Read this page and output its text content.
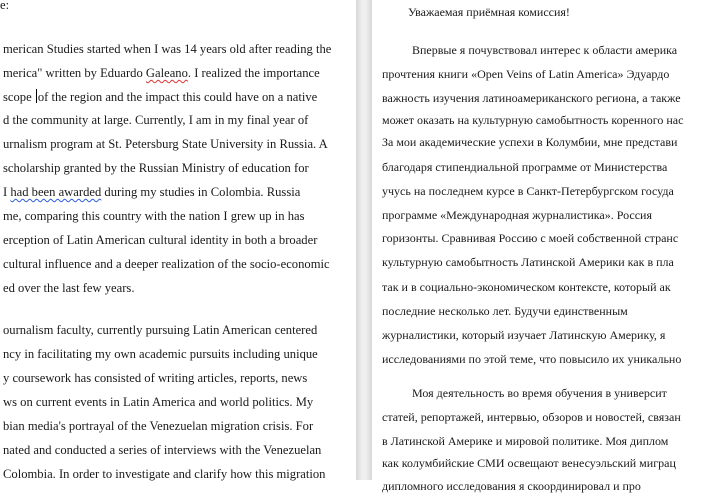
e:
merican Studies started when I was 14 years old after reading the
merica" written by Eduardo Galeano. I realized the importance
scope of the region and the impact this could have on a native
d the community at large. Currently, I am in my final year of
urnalism program at St. Petersburg State University in Russia. A
scholarship granted by the Russian Ministry of education for
I had been awarded during my studies in Colombia. Russia
me, comparing this country with the nation I grew up in has
erception of Latin American cultural identity in both a broader
cultural influence and a deeper realization of the socio-economic
ed over the last few years.
ournalism faculty, currently pursuing Latin American centered
ncy in facilitating my own academic pursuits including unique
y coursework has consisted of writing articles, reports, news
ws on current events in Latin America and world politics. My
bian media's portrayal of the Venezuelan migration crisis. For
nated and conducted a series of interviews with the Venezuelan
Colombia. In order to investigate and clarify how this migration
Уважаемая приёмная комиссия!
Впервые я почувствовал интерес к области америка
прочтения книги «Open Veins of Latin America» Эдуардо
важность изучения латиноамериканского региона, а также
может оказать на культурную самобытность коренного нас
За мои академические успехи в Колумбии, мне представи
благодаря стипендиальной программе от Министерства
учусь на последнем курсе в Санкт-Петербургском госуда
программе «Международная журналистика». Россия
горизонты. Сравнивая Россию с моей собственной странс
культурную самобытность Латинской Америки как в пла
так и в социально-экономическом контексте, который ак
последние несколько лет. Будучи единственным
журналистики, который изучает Латинскую Америку, я
исследованиями по этой теме, что повысило их уникально
Моя деятельность во время обучения в университ
статей, репортажей, интервью, обзоров и новостей, связан
в Латинской Америке и мировой политике. Моя диплом
как колумбийские СМИ освещают венесуэльский миграц
дипломного исследования я скоординировал и про
